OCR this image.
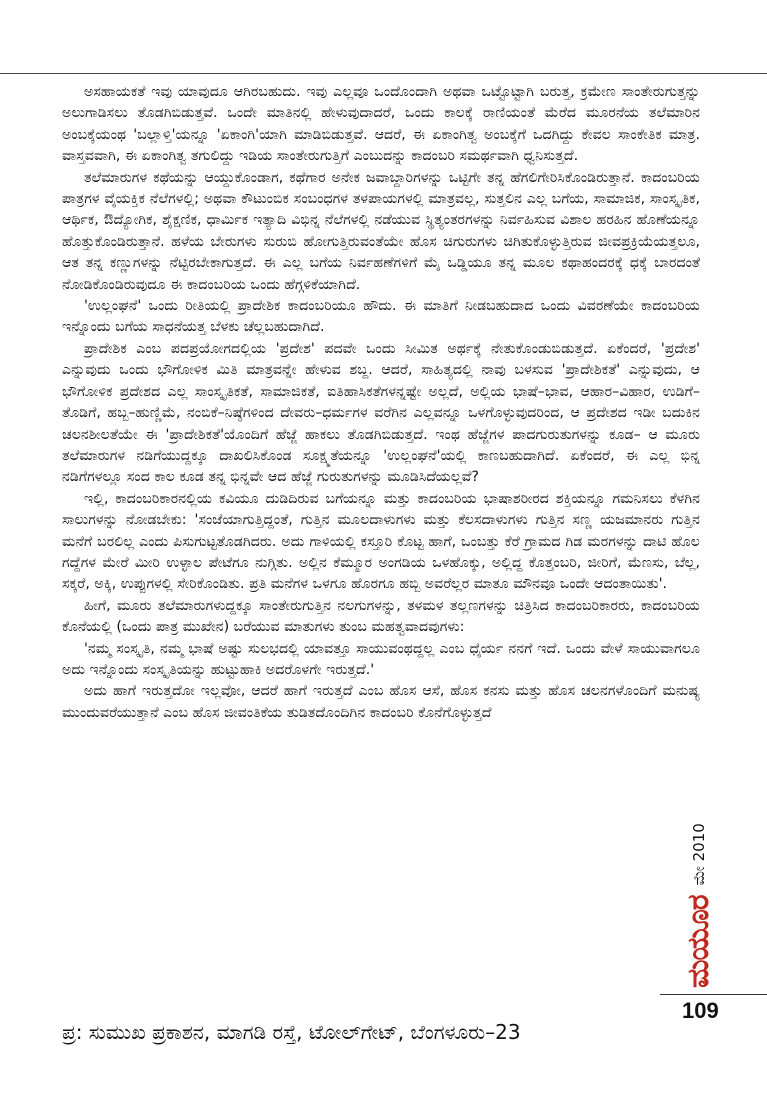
ಅಸಹಾಯಕತೆ ಇವು ಯಾವುದೂ ಆಗಿರಬಹುದು. ಇವು ಎಲ್ಲವೂ ಒಂದೊಂದಾಗಿ ಅಥವಾ ಒಟ್ಟೊಟ್ಟಾಗಿ ಬರುತ್ತ, ಕ್ರಮೇಣ ಸಾಂತೇರುಗುತ್ತನ್ನು ಅಲುಗಾಡಿಸಲು ತೊಡಗಿಬಿಡುತ್ತವೆ. ಒಂದೇ ಮಾತಿನಲ್ಲಿ ಹೇಳುವುದಾದರೆ, ಒಂದು ಕಾಲಕ್ಕೆ ರಾಣಿಯಂತೆ ಮೆರೆದ ಮೂರನೆಯ ತಲೆಮಾರಿನ ಅಂಬಕ್ಕೆಯಂಥ 'ಬಲ್ಲಾಳ್ತಿ'ಯನ್ನೂ 'ಏಕಾಂಗಿ'ಯಾಗಿ ಮಾಡಿಬಿಡುತ್ತವೆ. ಆದರೆ, ಈ ಏಕಾಂಗಿತ್ವ ಅಂಬಕ್ಕೆಗೆ ಒದಗಿದ್ದು ಕೇವಲ ಸಾಂಕೇತಿಕ ಮಾತ್ರ. ವಾಸ್ತವವಾಗಿ, ಈ ಏಕಾಂಗಿತ್ವ ತಗುಲಿದ್ದು ಇಡಿಯ ಸಾಂತೇರುಗುತ್ತಿಗೆ ಎಂಬುದನ್ನು ಕಾದಂಬರಿ ಸಮರ್ಥವಾಗಿ ಧ್ವನಿಸುತ್ತದೆ.

ತಲೆಮಾರುಗಳ ಕಥೆಯನ್ನು ಆಯ್ದುಕೊಂಡಾಗ, ಕಥೆಗಾರ ಅನೇಕ ಜವಾಬ್ದಾರಿಗಳನ್ನು ಒಟ್ಟಿಗೇ ತನ್ನ ಹೆಗಲಿಗೇರಿಸಿಕೊಂಡಿರುತ್ತಾನೆ. ಕಾದಂಬರಿಯ ಪಾತ್ರಗಳ ವೈಯಕ್ತಿಕ ನೆಲೆಗಳಲ್ಲಿ; ಅಥವಾ ಕೌಟುಂಬಿಕ ಸಂಬಂಧಗಳ ತಳಪಾಯಗಳಲ್ಲಿ ಮಾತ್ರವಲ್ಲ, ಸುತ್ತಲಿನ ಎಲ್ಲ ಬಗೆಯ, ಸಾಮಾಜಿಕ, ಸಾಂಸ್ಕೃತಿಕ, ಆರ್ಥಿಕ, ಔದ್ಯೋಗಿಕ, ಶೈಕ್ಷಣಿಕ, ಧಾರ್ಮಿಕ ಇತ್ಯಾದಿ ವಿಭಿನ್ನ ನೆಲೆಗಳಲ್ಲಿ ನಡೆಯುವ ಸ್ಥಿತ್ಯಂತರಗಳನ್ನು ನಿರ್ವಹಿಸುವ ವಿಶಾಲ ಹರಹಿನ ಹೊಣೆಯನ್ನೂ ಹೊತ್ತುಕೊಂಡಿರುತ್ತಾನೆ. ಹಳೆಯ ಬೇರುಗಳು ಸುರುಬಿ ಹೋಗುತ್ತಿರುವಂತೆಯೇ ಹೊಸ ಚಿಗುರುಗಳು ಚಿಗಿತುಕೊಳ್ಳುತ್ತಿರುವ ಜೀವಪ್ರಕ್ರಿಯೆಯತ್ತಲೂ, ಆತ ತನ್ನ ಕಣ್ಣುಗಳನ್ನು ನೆಟ್ಟಿರಬೇಕಾಗುತ್ತದೆ. ಈ ಎಲ್ಲ ಬಗೆಯ ನಿರ್ವಹಣೆಗಳಿಗೆ ಮೈ ಒಡ್ಡಿಯೂ ತನ್ನ ಮೂಲ ಕಥಾಹಂದರಕ್ಕೆ ಧಕ್ಕೆ ಬಾರದಂತೆ ನೋಡಿಕೊಂಡಿರುವುದೂ ಈ ಕಾದಂಬರಿಯ ಒಂದು ಹೆಗ್ಗಳಿಕೆಯಾಗಿದೆ.

'ಉಲ್ಲಂಘನೆ' ಒಂದು ರೀತಿಯಲ್ಲಿ ಪ್ರಾದೇಶಿಕ ಕಾದಂಬರಿಯೂ ಹೌದು. ಈ ಮಾತಿಗೆ ನೀಡಬಹುದಾದ ಒಂದು ವಿವರಣೆಯೇ ಕಾದಂಬರಿಯ ಇನ್ನೊಂದು ಬಗೆಯ ಸಾಧನೆಯತ್ತ ಬೆಳಕು ಚೆಲ್ಲಬಹುದಾಗಿದೆ.

ಪ್ರಾದೇಶಿಕ ಎಂಬ ಪದಪ್ರಯೋಗದಲ್ಲಿಯ 'ಪ್ರದೇಶ' ಪದವೇ ಒಂದು ಸೀಮಿತ ಅರ್ಥಕ್ಕೆ ನೇತುಕೊಂಡುಬಿಡುತ್ತದೆ. ಏಕೆಂದರೆ, 'ಪ್ರದೇಶ' ಎನ್ನುವುದು ಒಂದು ಭೌಗೋಳಿಕ ಮಿತಿ ಮಾತ್ರವನ್ನೇ ಹೇಳುವ ಶಬ್ದ. ಆದರೆ, ಸಾಹಿತ್ಯದಲ್ಲಿ ನಾವು ಬಳಸುವ 'ಪ್ರಾದೇಶಿಕತೆ' ಎನ್ನುವುದು, ಆ ಭೌಗೋಳಿಕ ಪ್ರದೇಶದ ಎಲ್ಲ ಸಾಂಸ್ಕೃತಿಕತೆ, ಸಾಮಾಜಿಕತೆ, ಐತಿಹಾಸಿಕತೆಗಳನ್ನಷ್ಟೇ ಅಲ್ಲದೆ, ಅಲ್ಲಿಯ ಭಾಷೆ–ಭಾವ, ಆಹಾರ–ವಿಹಾರ, ಉಡಿಗೆ–ತೊಡಿಗೆ, ಹಬ್ಬ–ಹುಣ್ಣಿಮೆ, ನಂಬಿಕೆ–ನಿಷ್ಠೆಗಳಿಂದ ದೇವರು–ಧರ್ಮಗಳ ವರೆಗಿನ ಎಲ್ಲವನ್ನೂ ಒಳಗೊಳ್ಳುವುದರಿಂದ, ಆ ಪ್ರದೇಶದ ಇಡೀ ಬದುಕಿನ ಚಲನಶೀಲತೆಯೇ ಈ 'ಪ್ರಾದೇಶಿಕತೆ'ಯೊಂದಿಗೆ ಹೆಜ್ಜೆ ಹಾಕಲು ತೊಡಗಿಬಿಡುತ್ತದೆ. ಇಂಥ ಹೆಜ್ಜೆಗಳ ಪಾದಗುರುತುಗಳನ್ನು ಕೂಡ– ಆ ಮೂರು ತಲೆಮಾರುಗಳ ನಡಿಗೆಯುದ್ದಕ್ಕೂ ದಾಖಲಿಸಿಕೊಂಡ ಸೂಕ್ಷ್ಮತೆಯನ್ನೂ 'ಉಲ್ಲಂಘನೆ'ಯಲ್ಲಿ ಕಾಣಬಹುದಾಗಿದೆ. ಏಕೆಂದರೆ, ಈ ಎಲ್ಲ ಭಿನ್ನ ನಡಿಗೆಗಳಲ್ಲೂ ಸಂದ ಕಾಲ ಕೂಡ ತನ್ನ ಭಿನ್ನವೇ ಆದ ಹೆಜ್ಜೆ ಗುರುತುಗಳನ್ನು ಮೂಡಿಸಿದೆಯಲ್ಲವೆ?

ಇಲ್ಲಿ, ಕಾದಂಬರಿಕಾರನಲ್ಲಿಯ ಕವಿಯೂ ದುಡಿದಿರುವ ಬಗೆಯನ್ನೂ ಮತ್ತು ಕಾದಂಬರಿಯ ಭಾಷಾಶರೀರದ ಶಕ್ತಿಯನ್ನೂ ಗಮನಿಸಲು ಕೆಳಗಿನ ಸಾಲುಗಳನ್ನು ನೋಡಬೇಕು: 'ಸಂಜೆಯಾಗುತ್ತಿದ್ದಂತೆ, ಗುತ್ತಿನ ಮೂಲದಾಳುಗಳು ಮತ್ತು ಕೆಲಸದಾಳುಗಳು ಗುತ್ತಿನ ಸಣ್ಣ ಯಜಮಾನರು ಗುತ್ತಿನ ಮನೆಗೆ ಬರಲಿಲ್ಲ ಎಂದು ಪಿಸುಗುಟ್ಟತೊಡಗಿದರು. ಅದು ಗಾಳಿಯಲ್ಲಿ ಕಸ್ತೂರಿ ಕೊಟ್ಟ ಹಾಗೆ, ಒಂಬತ್ತು ಕೆರೆ ಗ್ರಾಮದ ಗಿಡ ಮರಗಳನ್ನು ದಾಟಿ ಹೊಲ ಗದ್ದೆಗಳ ಮೇರೆ ಮೀರಿ ಉಳ್ಳಾಲ ಪೇಟೆಗೂ ನುಗ್ಗಿತು. ಅಲ್ಲಿನ ಕೆಮ್ಮೂರ ಅಂಗಡಿಯ ಒಳಹೊಕ್ಕು, ಅಲ್ಲಿದ್ದ ಕೊತ್ತಂಬರಿ, ಜೀರಿಗೆ, ಮೆಣಸು, ಬೆಲ್ಲ, ಸಕ್ಕರೆ, ಅಕ್ಕಿ, ಉಪ್ಪುಗಳಲ್ಲಿ ಸೇರಿಕೊಂಡಿತು. ಪ್ರತಿ ಮನೆಗಳ ಒಳಗೂ ಹೊರಗೂ ಹಬ್ಬಿ ಅವರೆಲ್ಲರ ಮಾತೂ ಮೌನವೂ ಒಂದೇ ಆದಂತಾಯಿತು'.

ಹೀಗೆ, ಮೂರು ತಲೆಮಾರುಗಳುದ್ದಕ್ಕೂ ಸಾಂತೇರುಗುತ್ತಿನ ನಲಗುಗಳನ್ನು, ತಳಮಳ ತಲ್ಲಣಗಳನ್ನು ಚಿತ್ರಿಸಿದ ಕಾದಂಬರಿಕಾರರು, ಕಾದಂಬರಿಯ ಕೊನೆಯಲ್ಲಿ (ಒಂದು ಪಾತ್ರ ಮುಖೇನ) ಬರೆಯುವ ಮಾತುಗಳು ತುಂಬ ಮಹತ್ವವಾದವುಗಳು:

'ನಮ್ಮ ಸಂಸ್ಕೃತಿ, ನಮ್ಮ ಭಾಷೆ ಅಷ್ಟು ಸುಲಭದಲ್ಲಿ ಯಾವತ್ತೂ ಸಾಯುವಂಥದ್ದಲ್ಲ ಎಂಬ ಧೈರ್ಯ ನನಗೆ ಇದೆ. ಒಂದು ವೇಳೆ ಸಾಯುವಾಗಲೂ ಅದು ಇನ್ನೊಂದು ಸಂಸ್ಕೃತಿಯನ್ನು ಹುಟ್ಟುಹಾಕಿ ಅದರೊಳಗೇ ಇರುತ್ತದೆ.'

ಅದು ಹಾಗೆ ಇರುತ್ತದೋ ಇಲ್ಲವೋ, ಆದರೆ ಹಾಗೆ ಇರುತ್ತದೆ ಎಂಬ ಹೊಸ ಆಸೆ, ಹೊಸ ಕನಸು ಮತ್ತು ಹೊಸ ಚಲನಗಳೊಂದಿಗೆ ಮನುಷ್ಯ ಮುಂದುವರೆಯುತ್ತಾನೆ ಎಂಬ ಹೊಸ ಜೀವಂತಿಕೆಯ ತುಡಿತದೊಂದಿಗಿನ ಕಾದಂಬರಿ ಕೊನೆಗೊಳ್ಳುತ್ತದೆ

ಮಯೂರ
ಮೇ 2010
109
ಪ್ರ: ಸುಮುಖ ಪ್ರಕಾಶನ, ಮಾಗಡಿ ರಸ್ತೆ, ಟೋಲ್‌ಗೇಟ್, ಬೆಂಗಳೂರು–23
